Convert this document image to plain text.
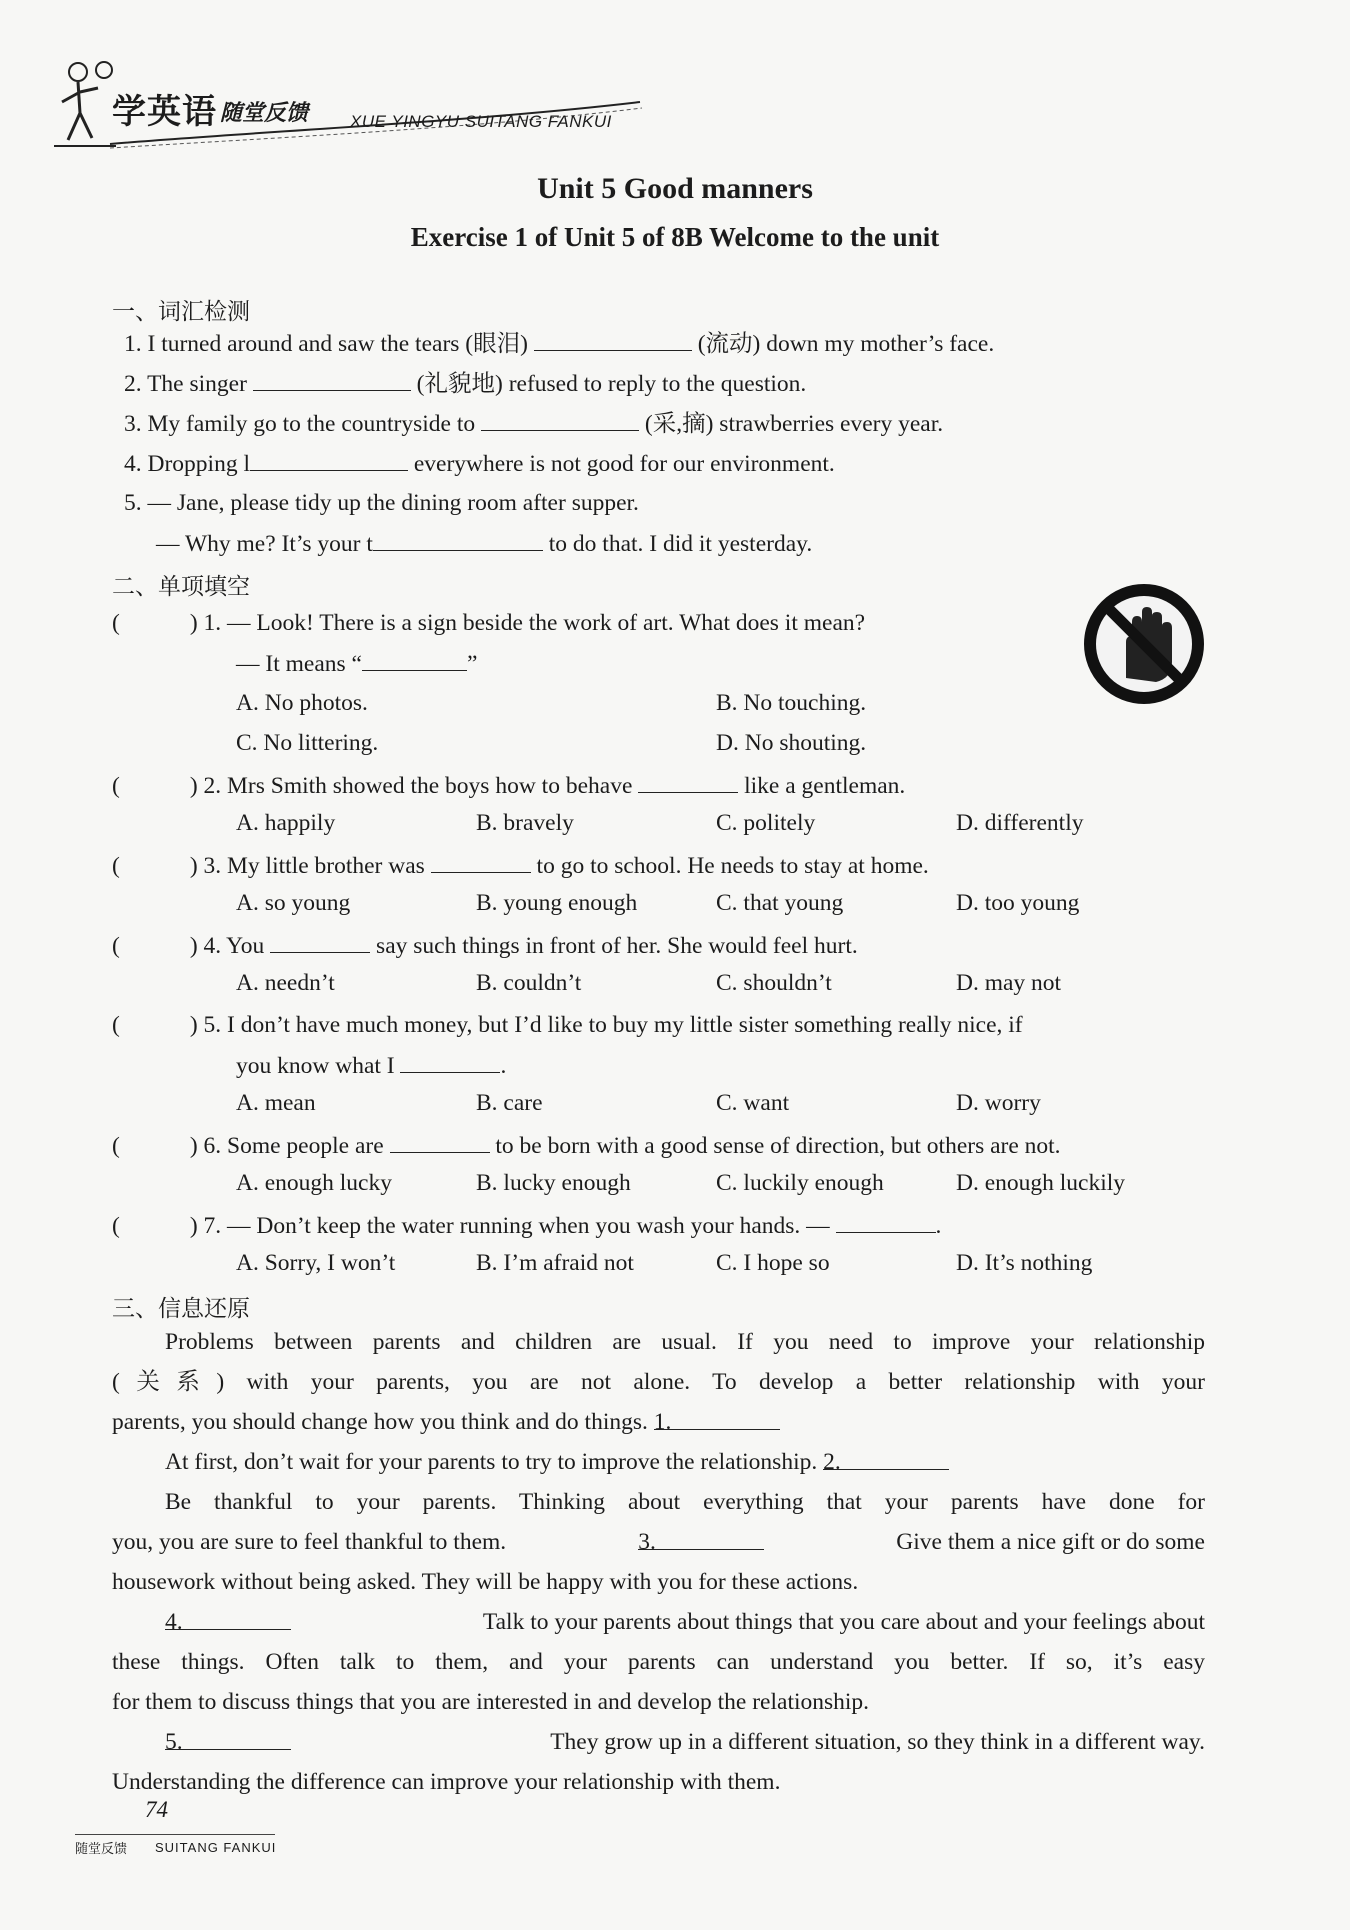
学英语 随堂反馈 XUE YINGYU SUITANG FANKUI
Unit 5 Good manners
Exercise 1 of Unit 5 of 8B Welcome to the unit
一、词汇检测
1. I turned around and saw the tears (眼泪)	(流动) down my mother’s face.
2. The singer	(礼貌地) refused to reply to the question.
3. My family go to the countryside to	(采,摘) strawberries every year.
4. Dropping l	everywhere is not good for our environment.
5. — Jane, please tidy up the dining room after supper.
— Why me? It’s your t	to do that. I did it yesterday.
二、单项填空
(	) 1. — Look! There is a sign beside the work of art. What does it mean?
— It means “	”
A. No photos.	B. No touching.
C. No littering.	D. No shouting.
(	) 2. Mrs Smith showed the boys how to behave	like a gentleman.
A. happily	B. bravely	C. politely	D. differently
(	) 3. My little brother was	to go to school. He needs to stay at home.
A. so young	B. young enough	C. that young	D. too young
(	) 4. You	say such things in front of her. She would feel hurt.
A. needn’t	B. couldn’t	C. shouldn’t	D. may not
(	) 5. I don’t have much money, but I’d like to buy my little sister something really nice, if
you know what I	.
A. mean	B. care	C. want	D. worry
(	) 6. Some people are	to be born with a good sense of direction, but others are not.
A. enough lucky	B. lucky enough	C. luckily enough	D. enough luckily
(	) 7. — Don’t keep the water running when you wash your hands. —	.
A. Sorry, I won’t	B. I’m afraid not	C. I hope so	D. It’s nothing
三、信息还原
Problems between parents and children are usual. If you need to improve your relationship
(关系) with your parents, you are not alone. To develop a better relationship with your
parents, you should change how you think and do things. 1.
At first, don’t wait for your parents to try to improve the relationship. 2.
Be thankful to your parents. Thinking about everything that your parents have done for
you, you are sure to feel thankful to them.	3.	Give them a nice gift or do some
housework without being asked. They will be happy with you for these actions.
4.	Talk to your parents about things that you care about and your feelings about
these things. Often talk to them, and your parents can understand you better. If so, it’s easy
for them to discuss things that you are interested in and develop the relationship.
5.	They grow up in a different situation, so they think in a different way.
Understanding the difference can improve your relationship with them.
74
随堂反馈 SUITANG FANKUI
